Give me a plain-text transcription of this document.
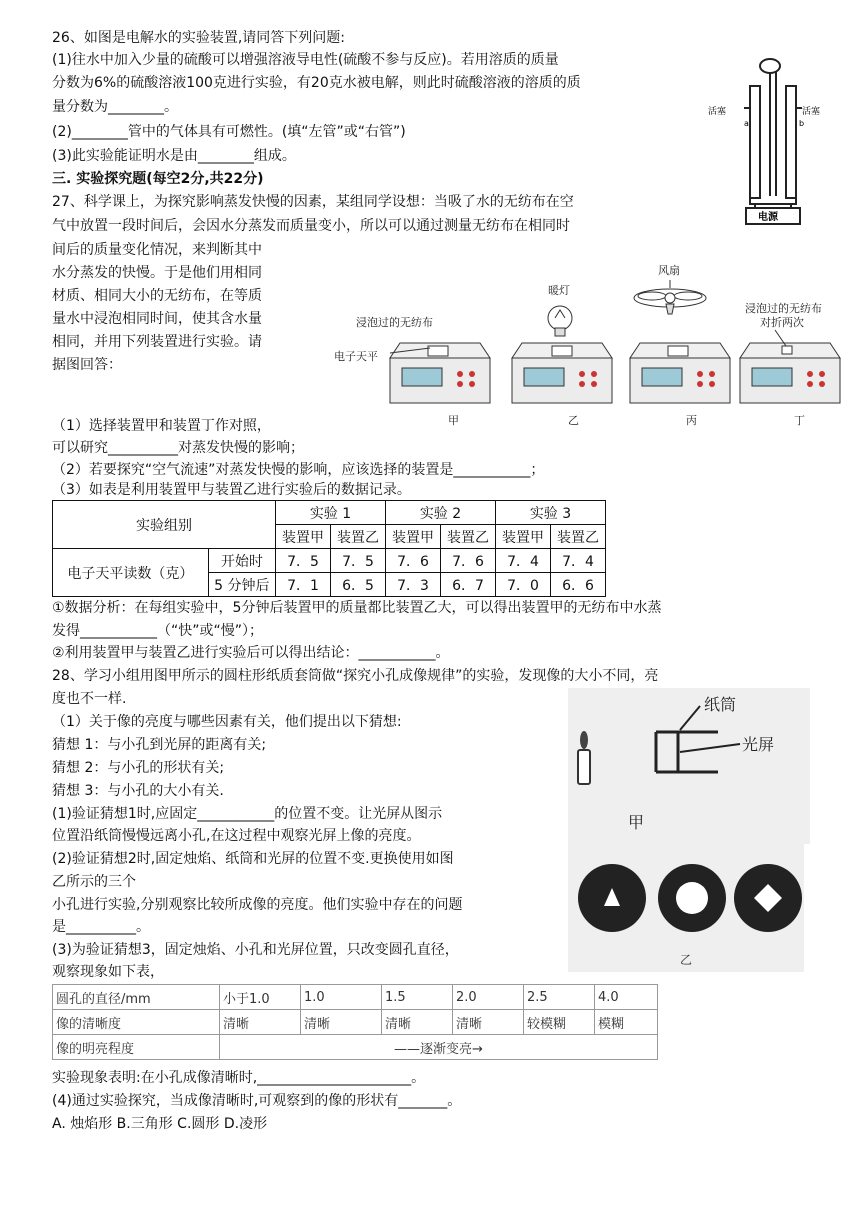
26、如图是电解水的实验装置,请同答下列问题:
(1)往水中加入少量的硫酸可以增强溶液导电性(硫酸不参与反应)。若用溶质的质量
分数为6%的硫酸溶液100克进行实验，有20克水被电解，则此时硫酸溶液的溶质的质
量分数为________。
(2)________管中的气体具有可燃性。(填“左管”或“右管”)
(3)此实验能证明水是由________组成。
活塞	活塞
a	b
电源
三. 实验探究题(每空2分,共22分)
27、科学课上，为探究影响蒸发快慢的因素，某组同学设想：当吸了水的无纺布在空
气中放置一段时间后，会因水分蒸发而质量变小，所以可以通过测量无纺布在相同时
间后的质量变化情况，来判断其中
水分蒸发的快慢。于是他们用相同
材质、相同大小的无纺布，在等质
量水中浸泡相同时间，使其含水量
相同，并用下列装置进行实验。请
据图回答：
浸泡过的无纺布
电子天平
暖灯
风扇
浸泡过的无纺布
对折两次
甲	乙	丙	丁
（1）选择装置甲和装置丁作对照，
可以研究__________对蒸发快慢的影响；
（2）若要探究“空气流速”对蒸发快慢的影响，应该选择的装置是___________；
（3）如表是利用装置甲与装置乙进行实验后的数据记录。
实验组别		实验 1		实验 2		实验 3	
		装置甲	装置乙	装置甲	装置乙	装置甲	装置乙
电子天平读数（克）	开始时	7．5	7．5	7．6	7．6	7．4	7．4
	5 分钟后	7．1	6．5	7．3	6．7	7．0	6．6
①数据分析：在每组实验中，5分钟后装置甲的质量都比装置乙大，可以得出装置甲的无纺布中水蒸
发得___________（“快”或“慢”）；
②利用装置甲与装置乙进行实验后可以得出结论：___________。
28、学习小组用图甲所示的圆柱形纸质套筒做“探究小孔成像规律”的实验，发现像的大小不同，亮
度也不一样.
（1）关于像的亮度与哪些因素有关，他们提出以下猜想:
猜想 1：与小孔到光屏的距离有关;
猜想 2：与小孔的形状有关;
猜想 3：与小孔的大小有关.
(1)验证猜想1时,应固定___________的位置不变。让光屏从图示
位置沿纸筒慢慢远离小孔,在这过程中观察光屏上像的亮度。
(2)验证猜想2时,固定烛焰、纸筒和光屏的位置不变.更换使用如图
乙所示的三个
小孔进行实验,分别观察比较所成像的亮度。他们实验中存在的问题
是__________。
(3)为验证猜想3，固定烛焰、小孔和光屏位置，只改变圆孔直径，
观察现象如下表，
纸筒
光屏
甲
乙
圆孔的直径/mm	小于1.0	1.0	1.5	2.0	2.5	4.0
像的清晰度	清晰	清晰	清晰	清晰	较模糊	模糊
像的明亮程度	——逐渐变亮→					
实验现象表明:在小孔成像清晰时,______________________。
(4)通过实验探究，当成像清晰时,可观察到的像的形状有_______。
A. 烛焰形 B.三角形 C.圆形 D.凌形
